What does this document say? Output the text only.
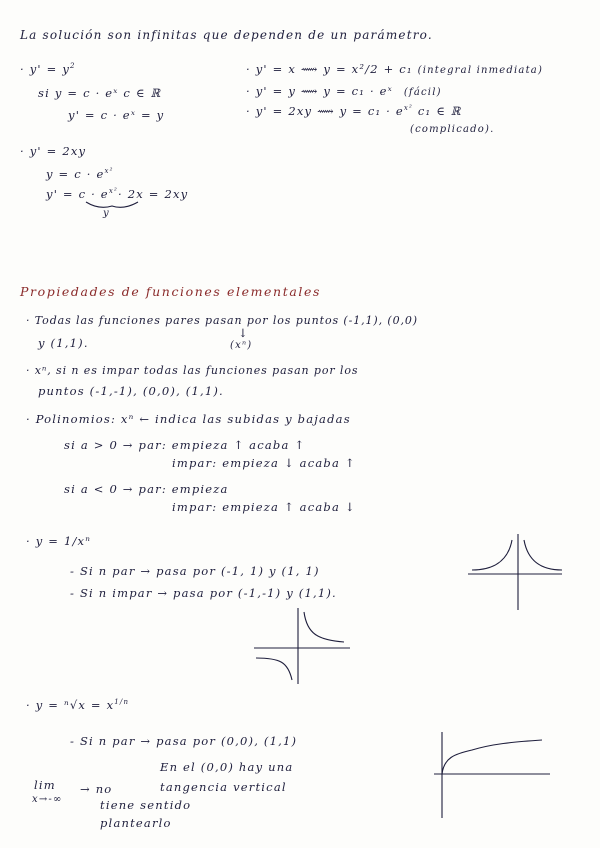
La solución son infinitas que dependen de un parámetro.
· $y' = y^2$
si y = c · eˣ c ∈ ℝ
y' = c · eˣ = y
· y' = 2xy
$y = c \cdot e^{x^2}$
$y' = c \cdot e^{x^2}\cdot 2x = 2xy$
y
· y' = x ⟿ y = x²/2 + c₁ (integral inmediata)
· y' = y ⟿ y = c₁ · eˣ (fácil)
· y' = 2xy ⟿ $y = c_1 \cdot e^{x^2}$ c₁ ∈ ℝ
(complicado).
Propiedades de funciones elementales
· Todas las funciones pares pasan por los puntos (-1,1), (0,0)
↓
(xⁿ)
y (1,1).
· xⁿ, si n es impar todas las funciones pasan por los
puntos (-1,-1), (0,0), (1,1).
· Polinomios: xⁿ ← indica las subidas y bajadas
si a > 0 → par: empieza ↑ acaba ↑
impar: empieza ↓ acaba ↑
si a < 0 → par: empieza
impar: empieza ↑ acaba ↓
· y = 1/xⁿ
- Si n par → pasa por (-1, 1) y (1, 1)
- Si n impar → pasa por (-1,-1) y (1,1).
· $y = ^n√x = x^{1/n}$
- Si n par → pasa por (0,0), (1,1)
En el (0,0) hay una
tangencia vertical
lim
x→-∞
→ no
tiene sentido
plantearlo
